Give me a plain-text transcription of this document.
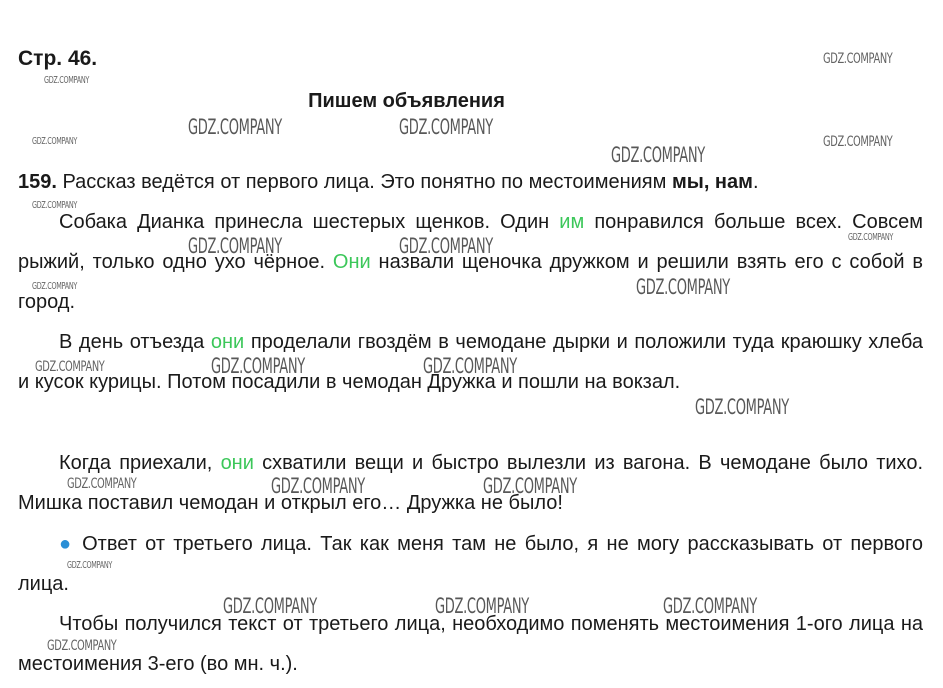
Стр. 46.
Пишем объявления
159. Рассказ ведётся от первого лица. Это понятно по местоимениям мы, нам.
Собака Дианка принесла шестерых щенков. Один им понравился больше всех. Совсем рыжий, только одно ухо чёрное. Они назвали щеночка дружком и решили взять его с собой в город.
В день отъезда они проделали гвоздём в чемодане дырки и положили туда краюшку хлеба и кусок курицы. Потом посадили в чемодан Дружка и пошли на вокзал.
Когда приехали, они схватили вещи и быстро вылезли из вагона. В чемодане было тихо. Мишка поставил чемодан и открыл его… Дружка не было!
● Ответ от третьего лица. Так как меня там не было, я не могу рассказывать от первого лица.
Чтобы получился текст от третьего лица, необходимо поменять местоимения 1-ого лица на местоимения 3-его (во мн. ч.).
GDZ.COMPANY
GDZ.COMPANY
GDZ.COMPANY	GDZ.COMPANY
GDZ.COMPANY	GDZ.COMPANY
GDZ.COMPANY
GDZ.COMPANY
GDZ.COMPANY	GDZ.COMPANY	GDZ.COMPANY
GDZ.COMPANY	GDZ.COMPANY
GDZ.COMPANY	GDZ.COMPANY	GDZ.COMPANY
GDZ.COMPANY
GDZ.COMPANY	GDZ.COMPANY	GDZ.COMPANY
GDZ.COMPANY
GDZ.COMPANY	GDZ.COMPANY	GDZ.COMPANY
GDZ.COMPANY
